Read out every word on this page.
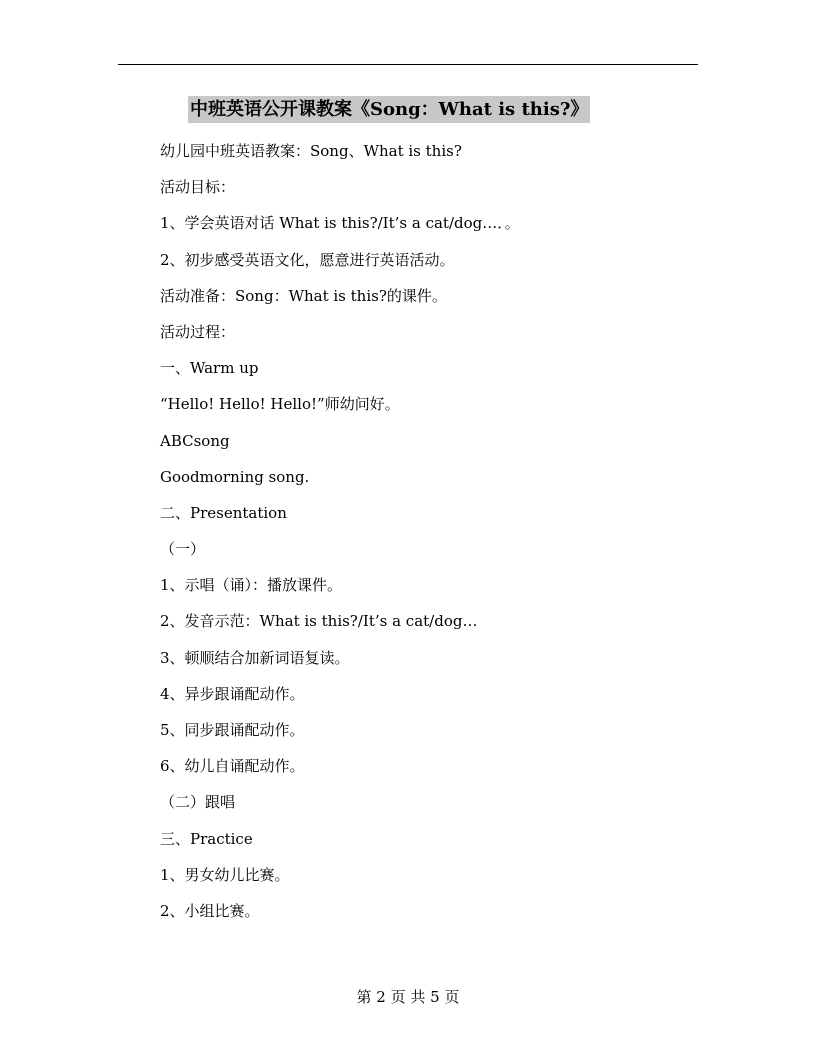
中班英语公开课教案《Song：What is this?》
幼儿园中班英语教案：Song、What is this?
活动目标：
1、学会英语对话 What is this?/It’s a cat/dog…．。
2、初步感受英语文化，愿意进行英语活动。
活动准备：Song：What is this?的课件。
活动过程：
一、Warm up
“Hello! Hello! Hello!”师幼问好。
ABCsong
Goodmorning song.
二、Presentation
（一）
1、示唱（诵）：播放课件。
2、发音示范：What is this?/It’s a cat/dog…
3、顿顺结合加新词语复读。
4、异步跟诵配动作。
5、同步跟诵配动作。
6、幼儿自诵配动作。
（二）跟唱
三、Practice
1、男女幼儿比赛。
2、小组比赛。
第 2 页 共 5 页
